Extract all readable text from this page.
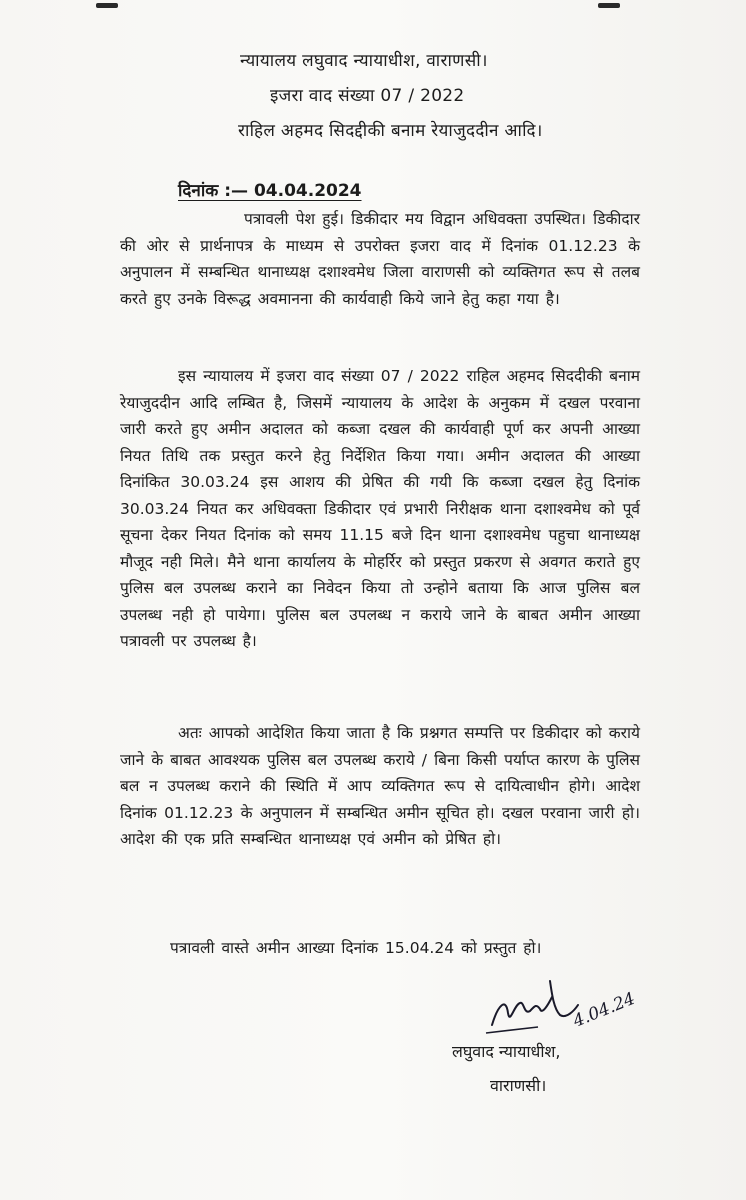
न्यायालय लघुवाद न्यायाधीश, वाराणसी।
इजरा वाद संख्या 07 / 2022
राहिल अहमद सिदद्दीकी बनाम रेयाजुददीन आदि।
दिनांक :— 04.04.2024
पत्रावली पेश हुई। डिकीदार मय विद्वान अधिवक्ता उपस्थित। डिकीदार की ओर से प्रार्थनापत्र के माध्यम से उपरोक्त इजरा वाद में दिनांक 01.12.23 के अनुपालन में सम्बन्धित थानाध्यक्ष दशाश्वमेध जिला वाराणसी को व्यक्तिगत रूप से तलब करते हुए उनके विरूद्ध अवमानना की कार्यवाही किये जाने हेतु कहा गया है।
इस न्यायालय में इजरा वाद संख्या 07 / 2022 राहिल अहमद सिददीकी बनाम रेयाजुददीन आदि लम्बित है, जिसमें न्यायालय के आदेश के अनुकम में दखल परवाना जारी करते हुए अमीन अदालत को कब्जा दखल की कार्यवाही पूर्ण कर अपनी आख्या नियत तिथि तक प्रस्तुत करने हेतु निर्देशित किया गया। अमीन अदालत की आख्या दिनांकित 30.03.24 इस आशय की प्रेषित की गयी कि कब्जा दखल हेतु दिनांक 30.03.24 नियत कर अधिवक्ता डिकीदार एवं प्रभारी निरीक्षक थाना दशाश्वमेध को पूर्व सूचना देकर नियत दिनांक को समय 11.15 बजे दिन थाना दशाश्वमेध पहुचा थानाध्यक्ष मौजूद नही मिले। मैने थाना कार्यालय के मोहर्रिर को प्रस्तुत प्रकरण से अवगत कराते हुए पुलिस बल उपलब्ध कराने का निवेदन किया तो उन्होने बताया कि आज पुलिस बल उपलब्ध नही हो पायेगा। पुलिस बल उपलब्ध न कराये जाने के बाबत अमीन आख्या पत्रावली पर उपलब्ध है।
अतः आपको आदेशित किया जाता है कि प्रश्नगत सम्पत्ति पर डिकीदार को कराये जाने के बाबत आवश्यक पुलिस बल उपलब्ध कराये / बिना किसी पर्याप्त कारण के पुलिस बल न उपलब्ध कराने की स्थिति में आप व्यक्तिगत रूप से दायित्वाधीन होगे। आदेश दिनांक 01.12.23 के अनुपालन में सम्बन्धित अमीन सूचित हो। दखल परवाना जारी हो। आदेश की एक प्रति सम्बन्धित थानाध्यक्ष एवं अमीन को प्रेषित हो।
पत्रावली वास्ते अमीन आख्या दिनांक 15.04.24 को प्रस्तुत हो।
4.04.24
लघुवाद न्यायाधीश,
वाराणसी।
